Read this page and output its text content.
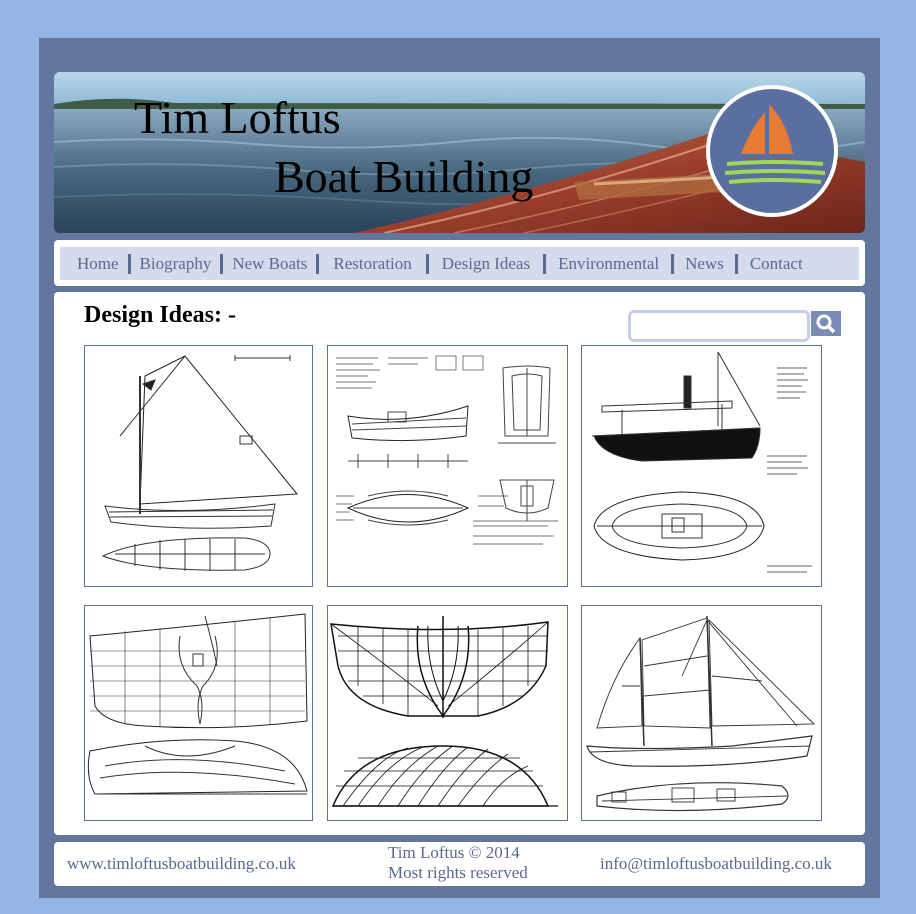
Tim Loftus
Boat Building
Home	Biography	New Boats	Restoration	Design Ideas	Environmental	News	Contact
Design Ideas: -
www.timloftusboatbuilding.co.uk
Tim Loftus © 2014
Most rights reserved	info@timloftusboatbuilding.co.uk
